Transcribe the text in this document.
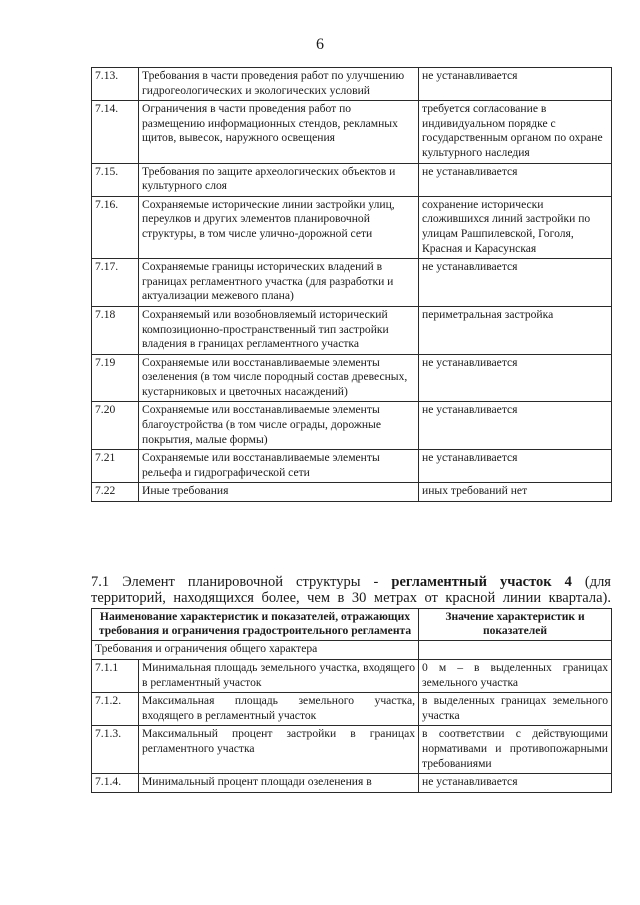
6
7.13.	Требования в части проведения работ по улучшению гидрогеологических и экологических условий	не устанавливается
7.14.	Ограничения в части проведения работ по размещению информационных стендов, рекламных щитов, вывесок, наружного освещения	требуется согласование в индивидуальном порядке с государственным органом по охране культурного наследия
7.15.	Требования по защите археологических объектов и культурного слоя	не устанавливается
7.16.	Сохраняемые исторические линии застройки улиц, переулков и других элементов планировочной структуры, в том числе улично-дорожной сети	сохранение исторически сложившихся линий застройки по улицам Рашпилевской, Гоголя, Красная и Карасунская
7.17.	Сохраняемые границы исторических владений в границах регламентного участка (для разработки и актуализации межевого плана)	не устанавливается
7.18	Сохраняемый или возобновляемый исторический композиционно-пространственный тип застройки владения в границах регламентного участка	периметральная застройка
7.19	Сохраняемые или восстанавливаемые элементы озеленения (в том числе породный состав древесных, кустарниковых и цветочных насаждений)	не устанавливается
7.20	Сохраняемые или восстанавливаемые элементы благоустройства (в том числе ограды, дорожные покрытия, малые формы)	не устанавливается
7.21	Сохраняемые или восстанавливаемые элементы рельефа и гидрографической сети	не устанавливается
7.22	Иные требования	иных требований нет
7.1 Элемент планировочной структуры - регламентный участок 4 (для территорий, находящихся более, чем в 30 метрах от красной линии квартала).
Наименование характеристик и показателей, отражающих требования и ограничения градостроительного регламента		Значение характеристик и показателей
Требования и ограничения общего характера		
7.1.1	Минимальная площадь земельного участка, входящего в регламентный участок	0 м – в выделенных границах земельного участка
7.1.2.	Максимальная площадь земельного участка, входящего в регламентный участок	в выделенных границах земельного участка
7.1.3.	Максимальный процент застройки в границах регламентного участка	в соответствии с действующими нормативами и противопожарными требованиями
7.1.4.	Минимальный процент площади озеленения в	не устанавливается
